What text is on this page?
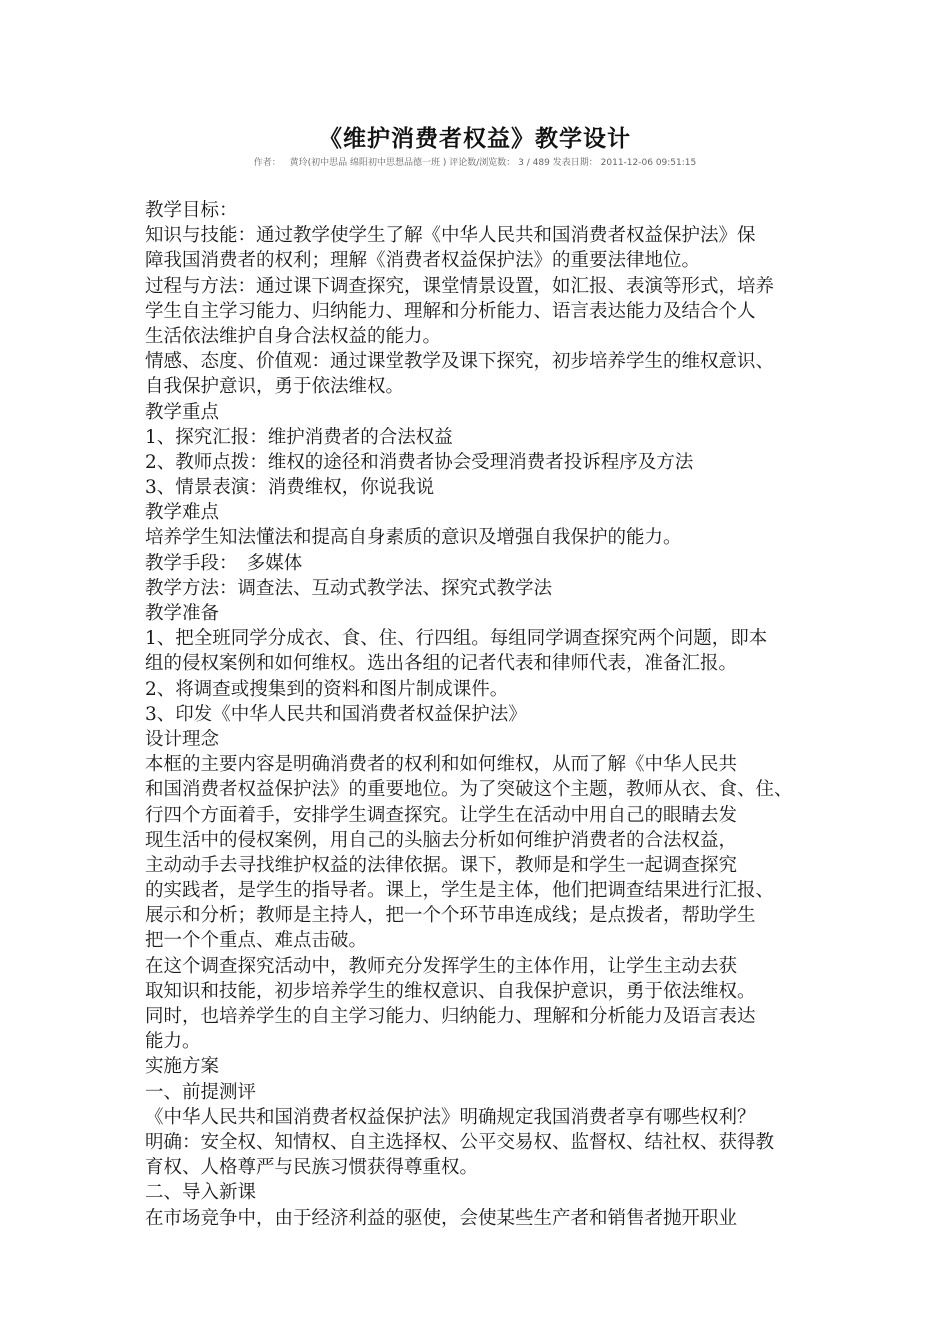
《维护消费者权益》教学设计
作者： 黄玲(初中思品 绵阳初中思想品德一班 ) 评论数/浏览数： 3 / 489 发表日期： 2011-12-06 09:51:15
教学目标：
知识与技能：通过教学使学生了解《中华人民共和国消费者权益保护法》保
障我国消费者的权利；理解《消费者权益保护法》的重要法律地位。
过程与方法：通过课下调查探究，课堂情景设置，如汇报、表演等形式，培养
学生自主学习能力、归纳能力、理解和分析能力、语言表达能力及结合个人
生活依法维护自身合法权益的能力。
情感、态度、价值观：通过课堂教学及课下探究，初步培养学生的维权意识、
自我保护意识，勇于依法维权。
教学重点
1、探究汇报：维护消费者的合法权益
2、教师点拨：维权的途径和消费者协会受理消费者投诉程序及方法
3、情景表演：消费维权，你说我说
教学难点
培养学生知法懂法和提高自身素质的意识及增强自我保护的能力。
教学手段：　多媒体
教学方法：调查法、互动式教学法、探究式教学法
教学准备
1、把全班同学分成衣、食、住、行四组。每组同学调查探究两个问题，即本
组的侵权案例和如何维权。选出各组的记者代表和律师代表，准备汇报。
2、将调查或搜集到的资料和图片制成课件。
3、印发《中华人民共和国消费者权益保护法》
设计理念
本框的主要内容是明确消费者的权利和如何维权，从而了解《中华人民共
和国消费者权益保护法》的重要地位。为了突破这个主题，教师从衣、食、住、
行四个方面着手，安排学生调查探究。让学生在活动中用自己的眼睛去发
现生活中的侵权案例，用自己的头脑去分析如何维护消费者的合法权益，
主动动手去寻找维护权益的法律依据。课下，教师是和学生一起调查探究
的实践者，是学生的指导者。课上，学生是主体，他们把调查结果进行汇报、
展示和分析；教师是主持人，把一个个环节串连成线；是点拨者，帮助学生
把一个个重点、难点击破。
在这个调查探究活动中，教师充分发挥学生的主体作用，让学生主动去获
取知识和技能，初步培养学生的维权意识、自我保护意识，勇于依法维权。
同时，也培养学生的自主学习能力、归纳能力、理解和分析能力及语言表达
能力。
实施方案
一、前提测评
《中华人民共和国消费者权益保护法》明确规定我国消费者享有哪些权利？
明确：安全权、知情权、自主选择权、公平交易权、监督权、结社权、获得教
育权、人格尊严与民族习惯获得尊重权。
二、导入新课
在市场竞争中，由于经济利益的驱使，会使某些生产者和销售者抛开职业
